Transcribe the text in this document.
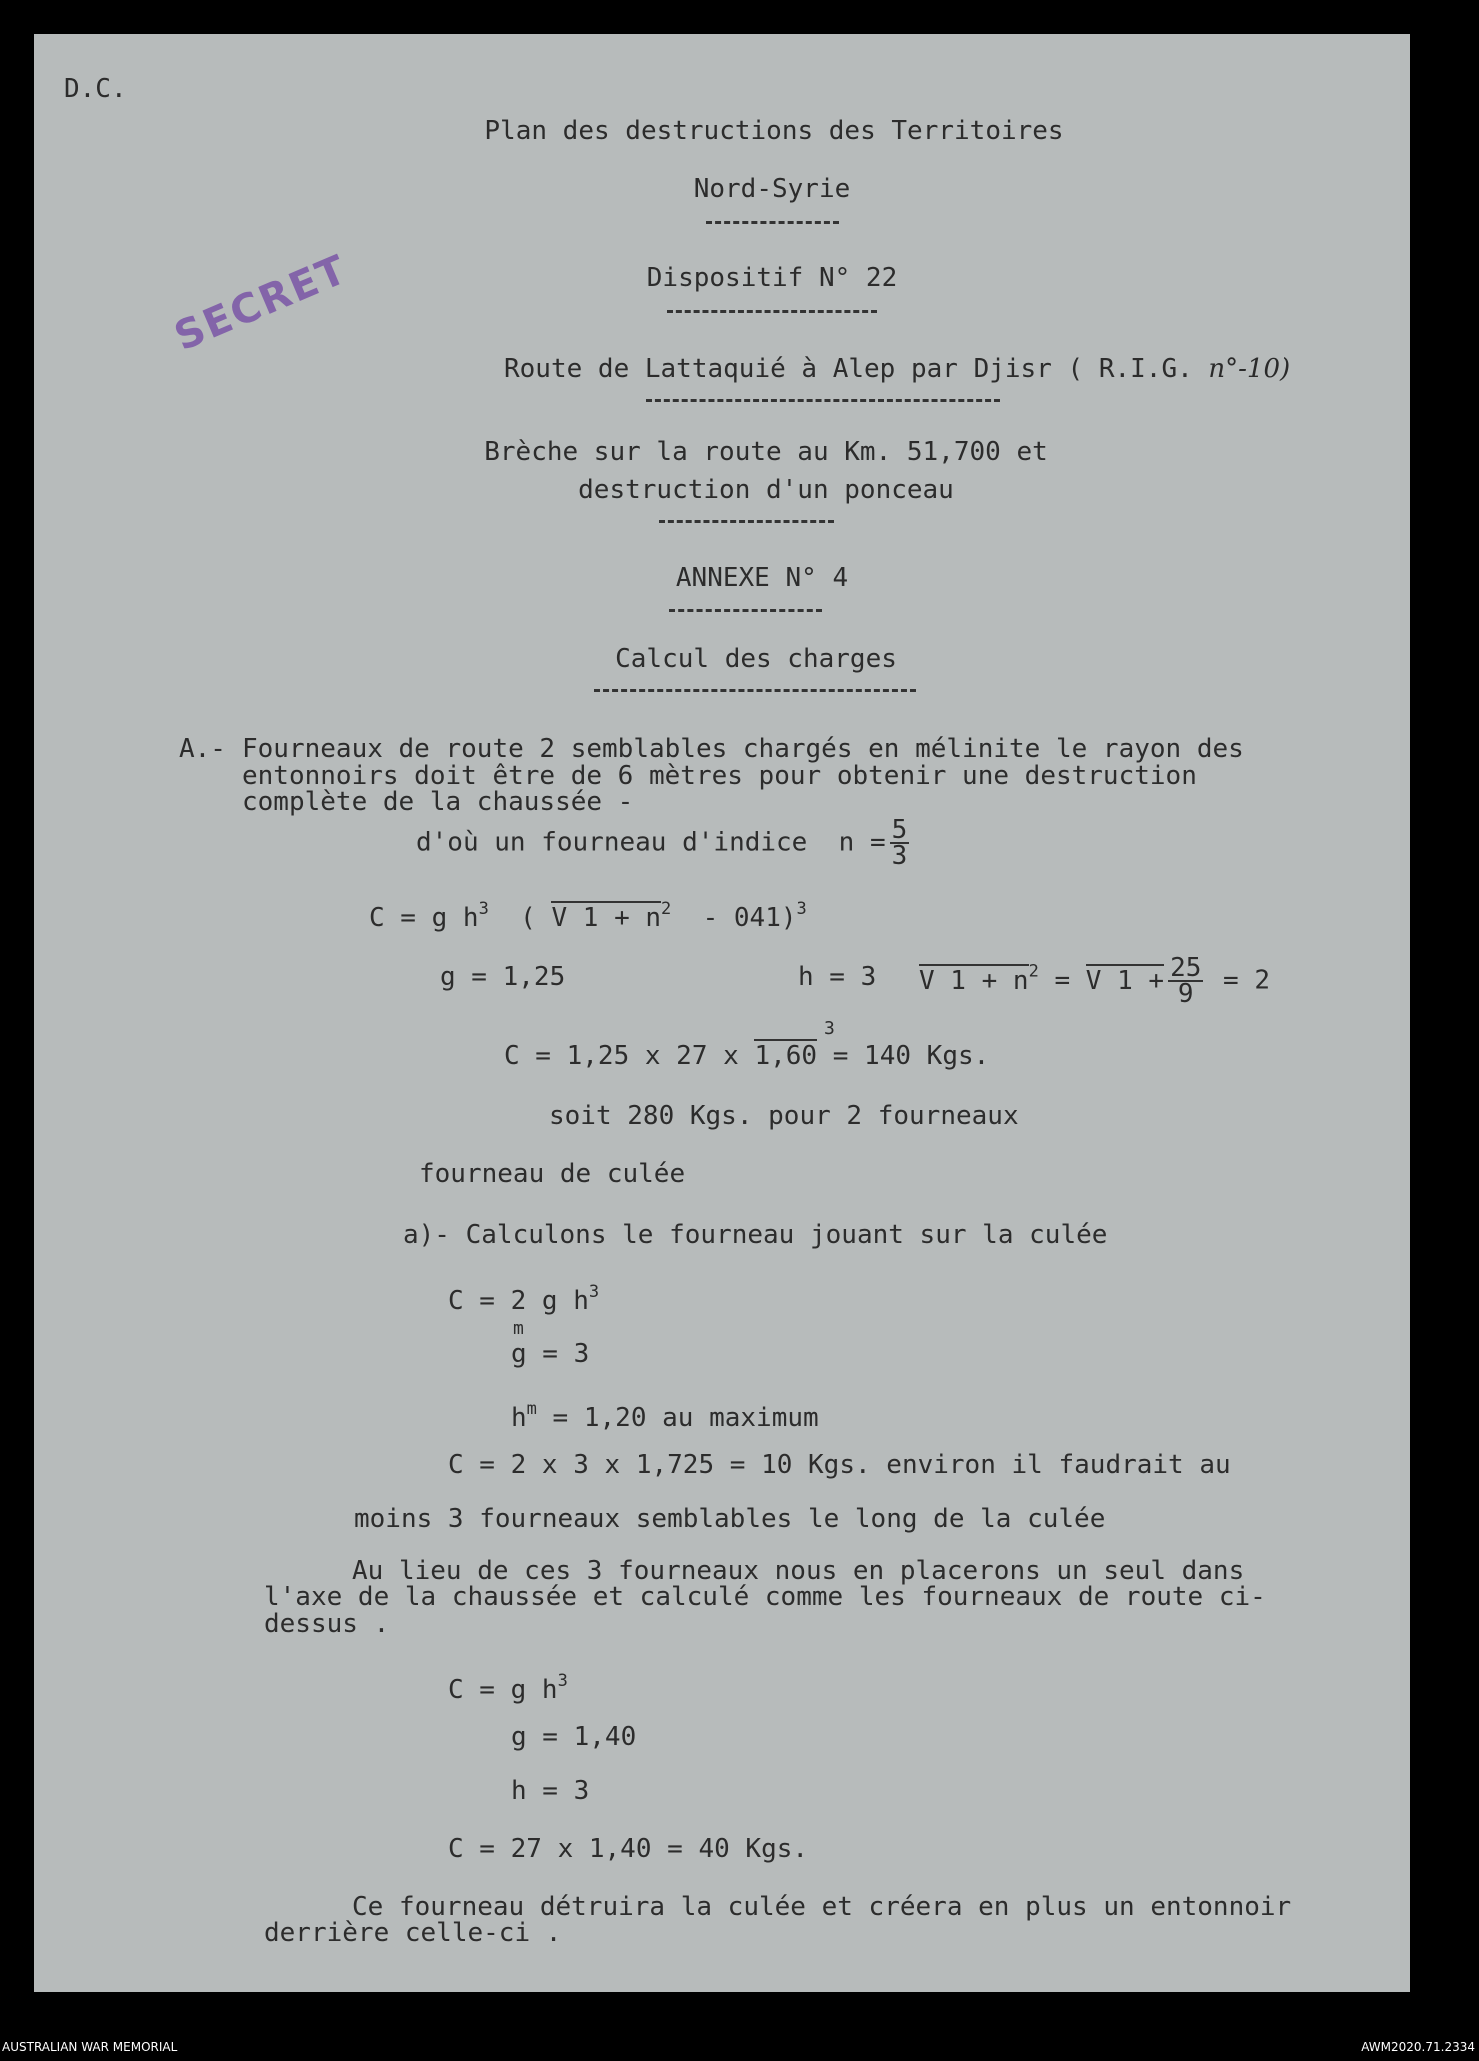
D.C.
Plan des destructions des Territoires
Nord-Syrie
Dispositif N° 22
SECRET
Route de Lattaquié à Alep par Djisr ( R.I.G. n°-10)
Brèche sur la route au Km. 51,700 et
destruction d'un ponceau
ANNEXE N° 4
Calcul des charges
A.- Fourneaux de route 2 semblables chargés en mélinite le rayon des
entonnoirs doit être de 6 mètres pour obtenir une destruction
complète de la chaussée -
d'où un fourneau d'indice  $n = \frac{5}{3}$
C = g $h^3$  ( V $1 + n^2 - 041)^3$
g = 1,25	h = 3 V $1 + n^2 = V$ $1 + \frac{25}{9} = 2$
3
C = 1,25 x 27 x 1,60 = 140 Kgs.
soit 280 Kgs. pour 2 fourneaux
fourneau de culée
a)- Calculons le fourneau jouant sur la culée
C = 2 g $h^3$
m
g = 3
$h^m = 1,20$ au maximum
C = 2 x 3 x 1,725 = 10 Kgs. environ il faudrait au
moins 3 fourneaux semblables le long de la culée
Au lieu de ces 3 fourneaux nous en placerons un seul dans
l'axe de la chaussée et calculé comme les fourneaux de route ci-
dessus .
C = g $h^3$
g = 1,40
h = 3
C = 27 x 1,40 = 40 Kgs.
Ce fourneau détruira la culée et créera en plus un entonnoir
derrière celle-ci .
AUSTRALIAN WAR MEMORIAL	AWM2020.71.2334
